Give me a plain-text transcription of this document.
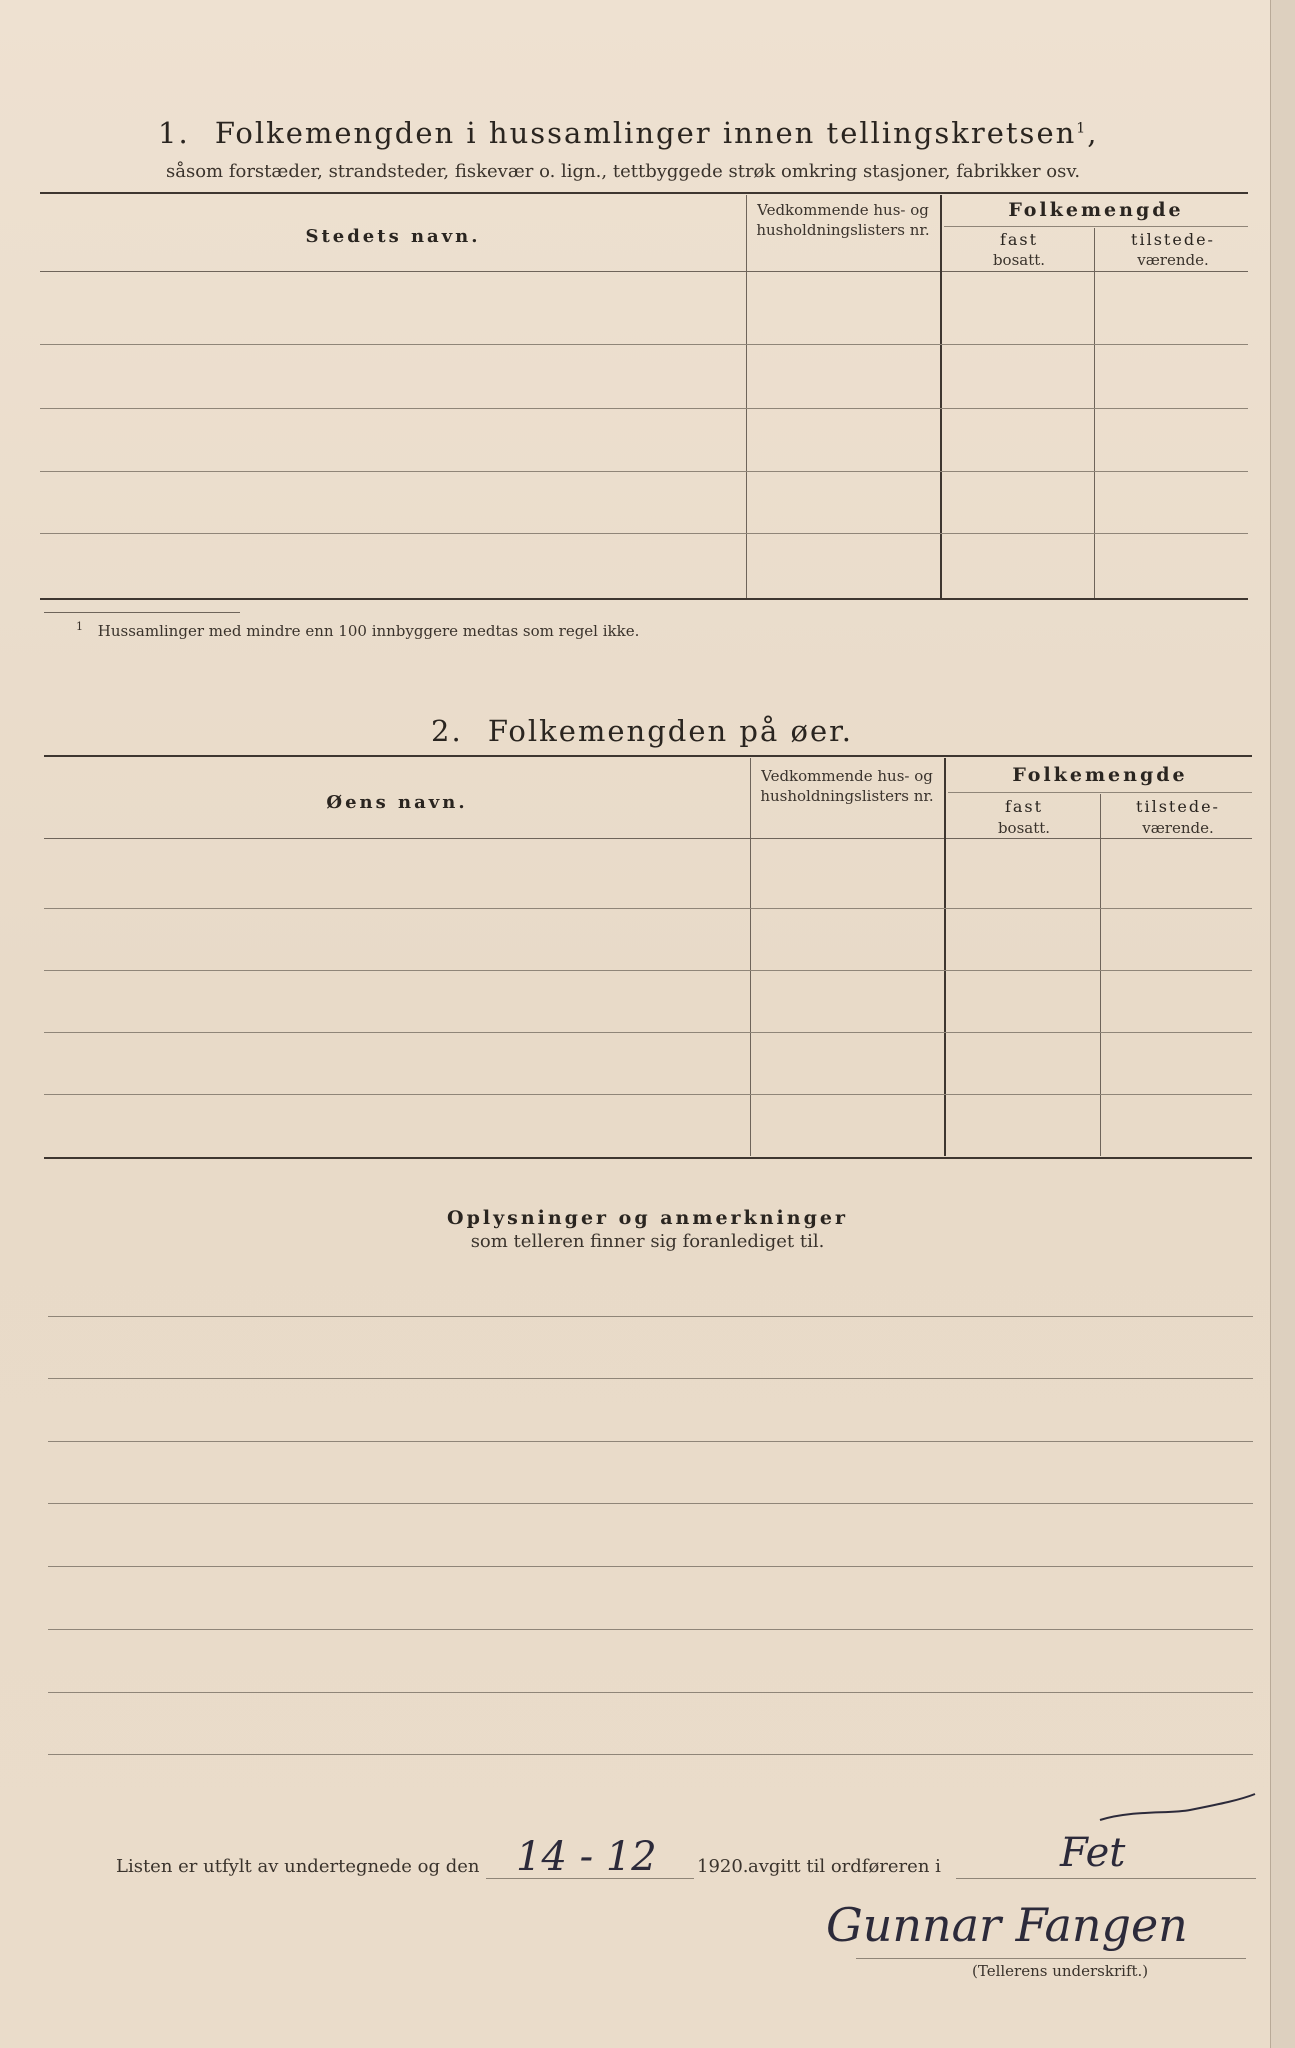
1. Folkemengden i hussamlinger innen tellingskretsen$^1$,
såsom forstæder, strandsteder, fiskevær o. lign., tettbyggede strøk omkring stasjoner, fabrikker osv.
Stedets navn.
Vedkommende hus- og husholdningslisters nr.
Folkemengde
fast
bosatt.
tilstede-
værende.
$^1$ Hussamlinger med mindre enn 100 innbyggere medtas som regel ikke.
2. Folkemengden på øer.
Øens navn.
Vedkommende hus- og husholdningslisters nr.
Folkemengde
fast
bosatt.
tilstede-
værende.
Oplysninger og anmerkninger
som telleren finner sig foranlediget til.
Listen er utfylt av undertegnede og den 14 - 12 1920. avgitt til ordføreren i	Fet
Gunnar Fangen
(Tellerens underskrift.)
